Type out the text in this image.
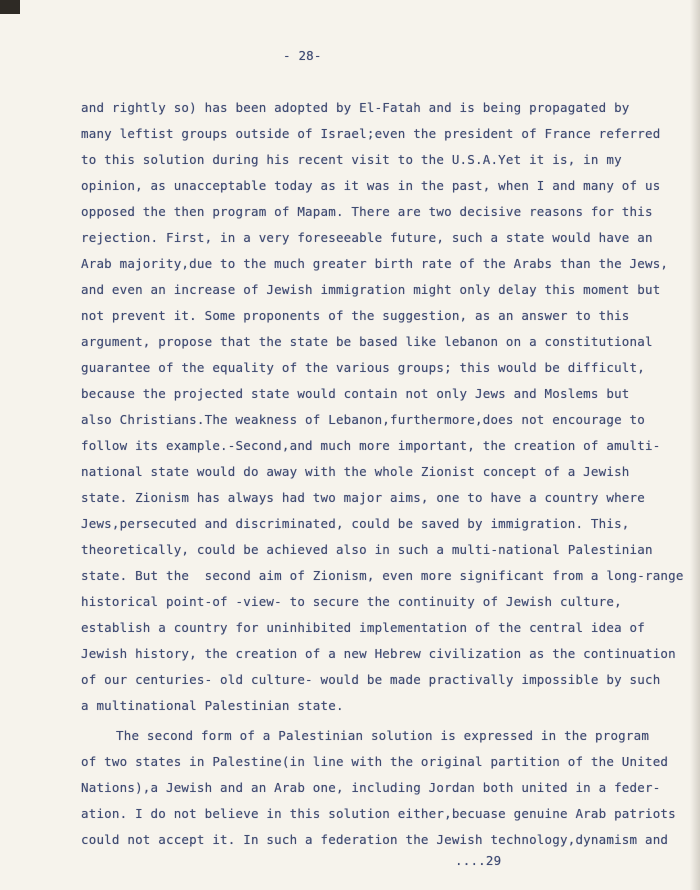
- 28-

and rightly so) has been adopted by El-Fatah and is being propagated by

many leftist groups outside of Israel;even the president of France referred

to this solution during his recent visit to the U.S.A.Yet it is, in my

opinion, as unacceptable today as it was in the past, when I and many of us

opposed the then program of Mapam. There are two decisive reasons for this

rejection. First, in a very foreseeable future, such a state would have an

Arab majority,due to the much greater birth rate of the Arabs than the Jews,

and even an increase of Jewish immigration might only delay this moment but

not prevent it. Some proponents of the suggestion, as an answer to this

argument, propose that the state be based like lebanon on a constitutional

guarantee of the equality of the various groups; this would be difficult,

because the projected state would contain not only Jews and Moslems but

also Christians.The weakness of Lebanon,furthermore,does not encourage to

follow its example.-Second,and much more important, the creation of amulti-

national state would do away with the whole Zionist concept of a Jewish

state. Zionism has always had two major aims, one to have a country where

Jews,persecuted and discriminated, could be saved by immigration. This,

theoretically, could be achieved also in such a multi-national Palestinian

state. But the  second aim of Zionism, even more significant from a long-range

historical point-of -view- to secure the continuity of Jewish culture,

establish a country for uninhibited implementation of the central idea of

Jewish history, the creation of a new Hebrew civilization as the continuation

of our centuries- old culture- would be made practivally impossible by such

a multinational Palestinian state.

The second form of a Palestinian solution is expressed in the program

of two states in Palestine(in line with the original partition of the United

Nations),a Jewish and an Arab one, including Jordan both united in a feder-

ation. I do not believe in this solution either,becuase genuine Arab patriots

could not accept it. In such a federation the Jewish technology,dynamism and

....29
